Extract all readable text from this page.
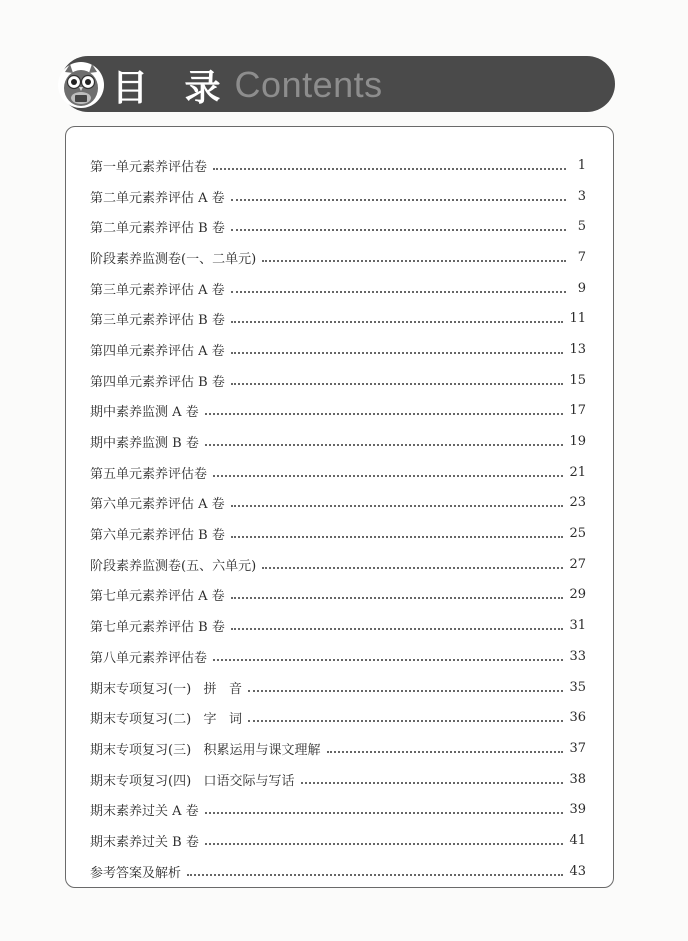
目 录 Contents
第一单元素养评估卷	1
第二单元素养评估 A 卷	3
第二单元素养评估 B 卷	5
阶段素养监测卷(一、二单元)	7
第三单元素养评估 A 卷	9
第三单元素养评估 B 卷	11
第四单元素养评估 A 卷	13
第四单元素养评估 B 卷	15
期中素养监测 A 卷	17
期中素养监测 B 卷	19
第五单元素养评估卷	21
第六单元素养评估 A 卷	23
第六单元素养评估 B 卷	25
阶段素养监测卷(五、六单元)	27
第七单元素养评估 A 卷	29
第七单元素养评估 B 卷	31
第八单元素养评估卷	33
期末专项复习(一)   拼   音	35
期末专项复习(二)   字   词	36
期末专项复习(三)   积累运用与课文理解	37
期末专项复习(四)   口语交际与写话	38
期末素养过关 A 卷	39
期末素养过关 B 卷	41
参考答案及解析	43
